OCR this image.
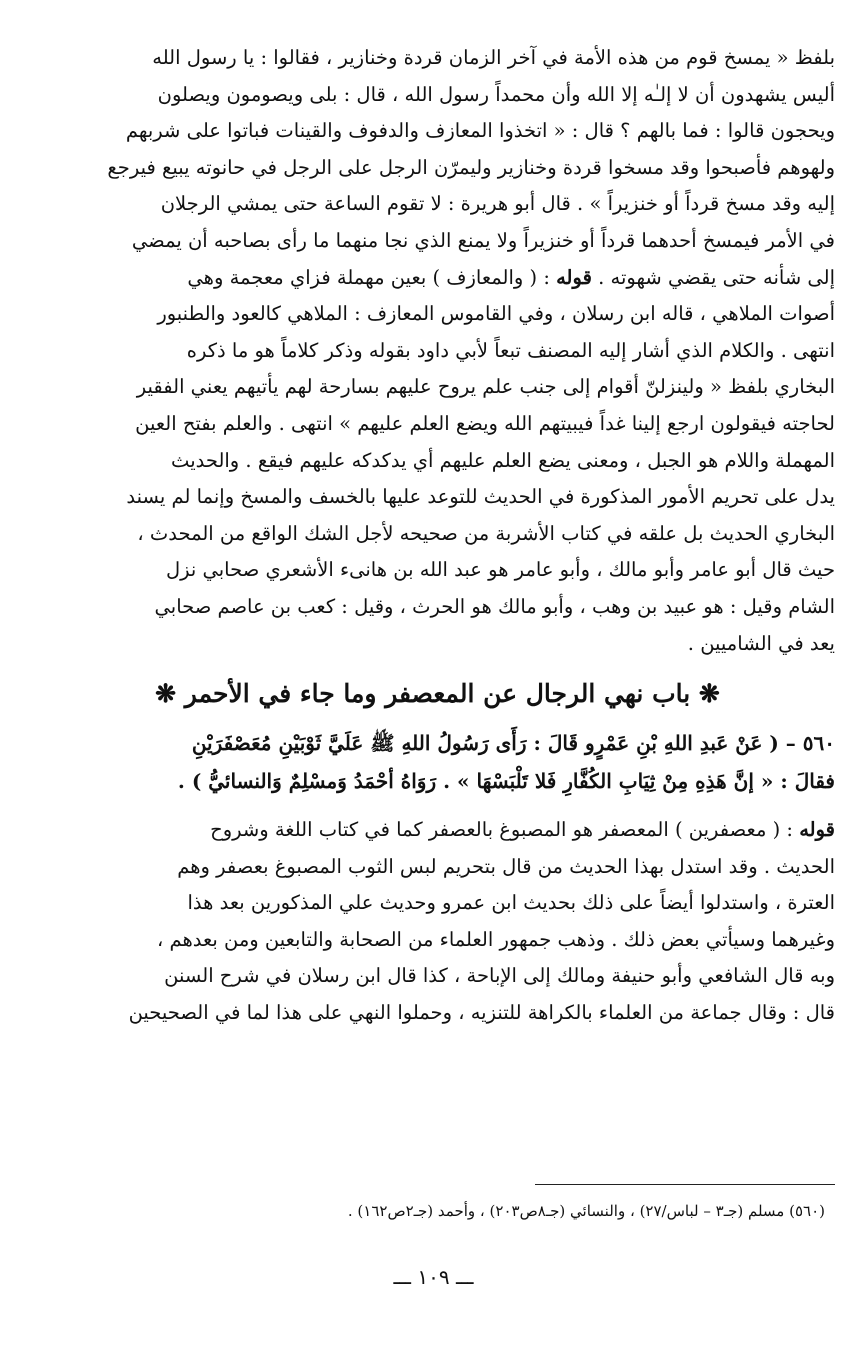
بلفظ « يمسخ قوم من هذه الأمة في آخر الزمان قردة وخنازير ، فقالوا : يا رسول الله
أليس يشهدون أن لا إلـٰه إلا الله وأن محمداً رسول الله ، قال : بلى ويصومون ويصلون
ويحجون قالوا : فما بالهم ؟ قال : « اتخذوا المعازف والدفوف والقينات فباتوا على شربهم
ولهوهم فأصبحوا وقد مسخوا قردة وخنازير وليمرّن الرجل على الرجل في حانوته يبيع فيرجع
إليه وقد مسخ قرداً أو خنزيراً » . قال أبو هريرة : لا تقوم الساعة حتى يمشي الرجلان
في الأمر فيمسخ أحدهما قرداً أو خنزيراً ولا يمنع الذي نجا منهما ما رأى بصاحبه أن يمضي
إلى شأنه حتى يقضي شهوته . قوله : ( والمعازف ) بعين مهملة فزاي معجمة وهي
أصوات الملاهي ، قاله ابن رسلان ، وفي القاموس المعازف : الملاهي كالعود والطنبور
انتهى . والكلام الذي أشار إليه المصنف تبعاً لأبي داود بقوله وذكر كلاماً هو ما ذكره
البخاري بلفظ « ولينزلنّ أقوام إلى جنب علم يروح عليهم بسارحة لهم يأتيهم يعني الفقير
لحاجته فيقولون ارجع إلينا غداً فيبيتهم الله ويضع العلم عليهم » انتهى . والعلم بفتح العين
المهملة واللام هو الجبل ، ومعنى يضع العلم عليهم أي يدكدكه عليهم فيقع . والحديث
يدل على تحريم الأمور المذكورة في الحديث للتوعد عليها بالخسف والمسخ وإنما لم يسند
البخاري الحديث بل علقه في كتاب الأشربة من صحيحه لأجل الشك الواقع من المحدث ،
حيث قال أبو عامر وأبو مالك ، وأبو عامر هو عبد الله بن هانىء الأشعري صحابي نزل
الشام وقيل : هو عبيد بن وهب ، وأبو مالك هو الحرث ، وقيل : كعب بن عاصم صحابي
يعد في الشاميين .
❋ باب نهي الرجال عن المعصفر وما جاء في الأحمر ❋
٥٦٠ – ( عَنْ عَبدِ اللهِ بْنِ عَمْرٍو قَالَ : رَأَى رَسُولُ اللهِ ﷺ عَلَيَّ ثَوْبَيْنِ مُعَصْفَرَيْنِ
فقالَ : « إنَّ هَذِهِ مِنْ ثِيَابِ الكُفَّارِ فَلا تَلْبَسْهَا » . رَوَاهُ أحْمَدُ وَمسْلِمٌ وَالنسائيُّ ) .
قوله : ( معصفرين ) المعصفر هو المصبوغ بالعصفر كما في كتاب اللغة وشروح
الحديث . وقد استدل بهذا الحديث من قال بتحريم لبس الثوب المصبوغ بعصفر وهم
العترة ، واستدلوا أيضاً على ذلك بحديث ابن عمرو وحديث علي المذكورين بعد هذا
وغيرهما وسيأتي بعض ذلك . وذهب جمهور العلماء من الصحابة والتابعين ومن بعدهم ،
وبه قال الشافعي وأبو حنيفة ومالك إلى الإباحة ، كذا قال ابن رسلان في شرح السنن
قال : وقال جماعة من العلماء بالكراهة للتنزيه ، وحملوا النهي على هذا لما في الصحيحين
(٥٦٠) مسلم (جـ٣ – لباس/٢٧) ، والنسائي (جـ٨ص٢٠٣) ، وأحمد (جـ٢ص١٦٢) .
ـــ ١٠٩ ـــ
